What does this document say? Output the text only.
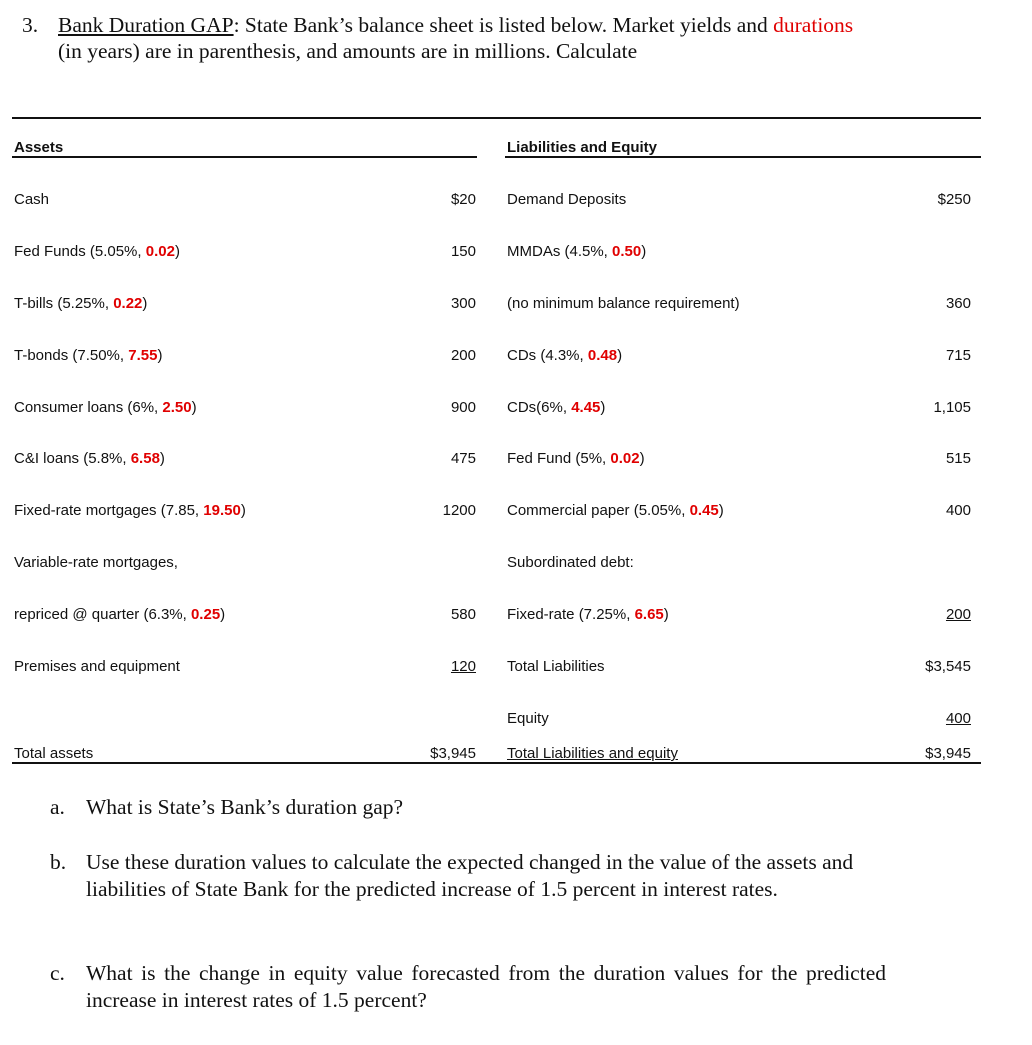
3. Bank Duration GAP: State Bank’s balance sheet is listed below. Market yields and durations
(in years) are in parenthesis, and amounts are in millions. Calculate
Assets	Liabilities and Equity
Cash	$20 Demand Deposits	$250
Fed Funds (5.05%, 0.02)	150 MMDAs (4.5%, 0.50)
T-bills (5.25%, 0.22)	300 (no minimum balance requirement)	360
T-bonds (7.50%, 7.55)	200 CDs (4.3%, 0.48)	715
Consumer loans (6%, 2.50)	900 CDs(6%, 4.45)	1,105
C&I loans (5.8%, 6.58)	475 Fed Fund (5%, 0.02)	515
Fixed-rate mortgages (7.85, 19.50)	1200 Commercial paper (5.05%, 0.45)	400
Variable-rate mortgages,	Subordinated debt:
repriced @ quarter (6.3%, 0.25)	580 Fixed-rate (7.25%, 6.65)	200
Premises and equipment	120 Total Liabilities	$3,545
Equity	400
Total assets	$3,945 Total Liabilities and equity	$3,945
a. What is State’s Bank’s duration gap?
b. Use these duration values to calculate the expected changed in the value of the assets and liabilities of State Bank for the predicted increase of 1.5 percent in interest rates.
c. What is the change in equity value forecasted from the duration values for the predicted increase in interest rates of 1.5 percent?
